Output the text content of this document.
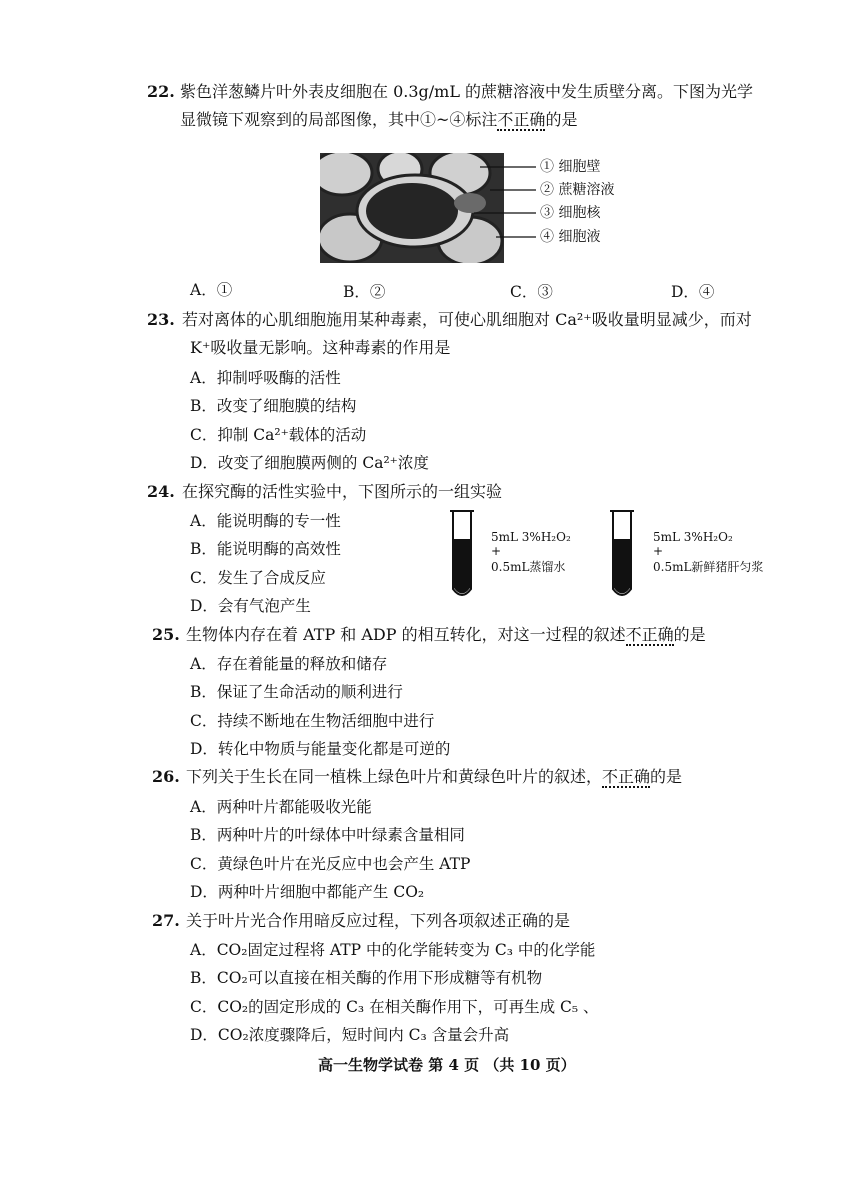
22. 紫色洋葱鳞片叶外表皮细胞在 0.3g/mL 的蔗糖溶液中发生质壁分离。下图为光学
显微镜下观察到的局部图像，其中①~④标注不正确的是
① 细胞壁
② 蔗糖溶液
③ 细胞核
④ 细胞液
A．①	B．②	C．③	D．④
23. 若对离体的心肌细胞施用某种毒素，可使心肌细胞对 Ca²⁺吸收量明显减少，而对
K⁺吸收量无影响。这种毒素的作用是
A．抑制呼吸酶的活性
B．改变了细胞膜的结构
C．抑制 Ca²⁺载体的活动
D．改变了细胞膜两侧的 Ca²⁺浓度
24. 在探究酶的活性实验中，下图所示的一组实验
A．能说明酶的专一性
B．能说明酶的高效性
C．发生了合成反应
D．会有气泡产生
5mL 3%H₂O₂
+
0.5mL蒸馏水
5mL 3%H₂O₂
+
0.5mL新鲜猪肝匀浆
25. 生物体内存在着 ATP 和 ADP 的相互转化，对这一过程的叙述不正确的是
A．存在着能量的释放和储存
B．保证了生命活动的顺利进行
C．持续不断地在生物活细胞中进行
D．转化中物质与能量变化都是可逆的
26. 下列关于生长在同一植株上绿色叶片和黄绿色叶片的叙述，不正确的是
A．两种叶片都能吸收光能
B．两种叶片的叶绿体中叶绿素含量相同
C．黄绿色叶片在光反应中也会产生 ATP
D．两种叶片细胞中都能产生 CO₂
27. 关于叶片光合作用暗反应过程，下列各项叙述正确的是
A．CO₂固定过程将 ATP 中的化学能转变为 C₃ 中的化学能
B．CO₂可以直接在相关酶的作用下形成糖等有机物
C．CO₂的固定形成的 C₃ 在相关酶作用下，可再生成 C₅ 、
D．CO₂浓度骤降后，短时间内 C₃ 含量会升高
高一生物学试卷 第 4 页 （共 10 页）
